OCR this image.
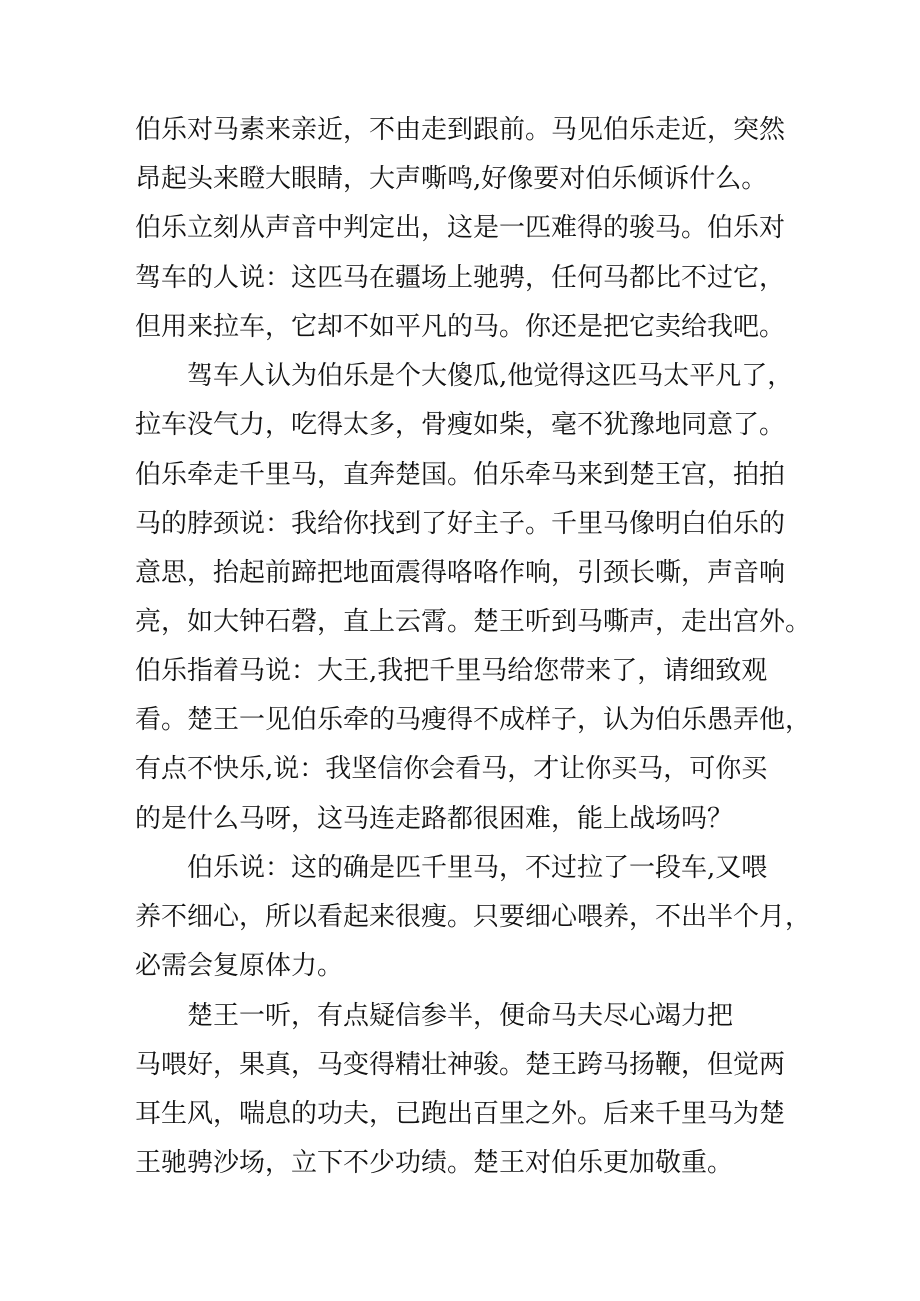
伯乐对马素来亲近，不由走到跟前。马见伯乐走近，突然
昂起头来瞪大眼睛，大声嘶鸣,好像要对伯乐倾诉什么。
伯乐立刻从声音中判定出，这是一匹难得的骏马。伯乐对
驾车的人说：这匹马在疆场上驰骋，任何马都比不过它，
但用来拉车，它却不如平凡的马。你还是把它卖给我吧。
驾车人认为伯乐是个大傻瓜,他觉得这匹马太平凡了，
拉车没气力，吃得太多，骨瘦如柴，毫不犹豫地同意了。
伯乐牵走千里马，直奔楚国。伯乐牵马来到楚王宫，拍拍
马的脖颈说：我给你找到了好主子。千里马像明白伯乐的
意思，抬起前蹄把地面震得咯咯作响，引颈长嘶，声音响
亮，如大钟石磬，直上云霄。楚王听到马嘶声，走出宫外。
伯乐指着马说：大王,我把千里马给您带来了，请细致观
看。楚王一见伯乐牵的马瘦得不成样子，认为伯乐愚弄他，
有点不快乐,说：我坚信你会看马，才让你买马，可你买
的是什么马呀，这马连走路都很困难，能上战场吗？
伯乐说：这的确是匹千里马，不过拉了一段车,又喂
养不细心，所以看起来很瘦。只要细心喂养，不出半个月，
必需会复原体力。
楚王一听，有点疑信参半，便命马夫尽心竭力把
马喂好，果真，马变得精壮神骏。楚王跨马扬鞭，但觉两
耳生风，喘息的功夫，已跑出百里之外。后来千里马为楚
王驰骋沙场，立下不少功绩。楚王对伯乐更加敬重。
